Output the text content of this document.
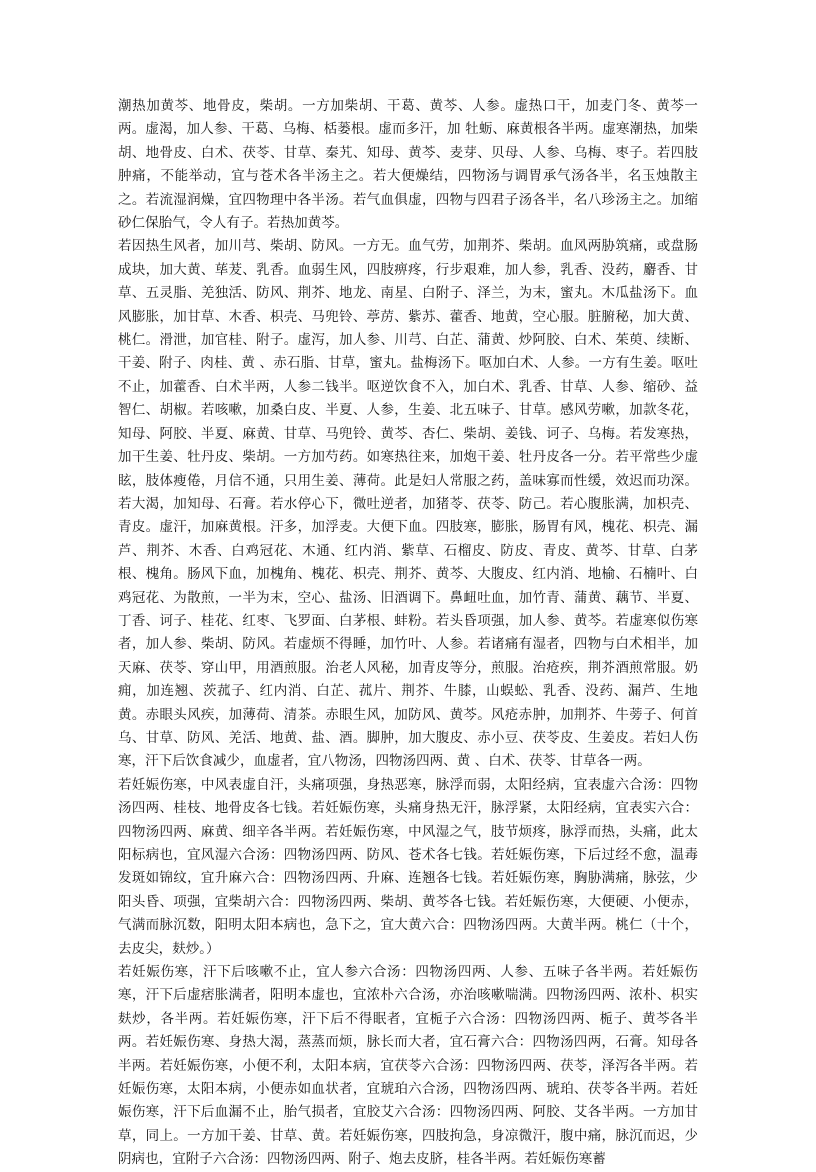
潮热加黄芩、地骨皮，柴胡。一方加柴胡、干葛、黄芩、人参。虚热口干，加麦门冬、黄芩一两。虚渴，加人参、干葛、乌梅、栝蒌根。虚而多汗，加 牡蛎、麻黄根各半两。虚寒潮热，加柴胡、地骨皮、白术、茯苓、甘草、秦艽、知母、黄芩、麦芽、贝母、人参、乌梅、枣子。若四肢肿痛，不能举动，宜与苍术各半汤主之。若大便燥结，四物汤与调胃承气汤各半，名玉烛散主之。若流湿润燥，宜四物理中各半汤。若气血俱虚，四物与四君子汤各半，名八珍汤主之。加缩砂仁保胎气，令人有子。若热加黄芩。

若因热生风者，加川芎、柴胡、防风。一方无。血气劳，加荆芥、柴胡。血风两胁筑痛，或盘肠成块，加大黄、荜茇、乳香。血弱生风，四肢痹疼，行步艰难，加人参，乳香、没药，麝香、甘草、五灵脂、羌独活、防风、荆芥、地龙、南星、白附子、泽兰，为末，蜜丸。木瓜盐汤下。血风膨胀，加甘草、木香、枳壳、马兜铃、葶苈、紫苏、藿香、地黄，空心服。脏腑秘，加大黄、桃仁。滑泄，加官桂、附子。虚泻，加人参、川芎、白芷、蒲黄、炒阿胶、白术、茱萸、续断、干姜、附子、肉桂、黄 、赤石脂、甘草，蜜丸。盐梅汤下。呕加白术、人参。一方有生姜。呕吐不止，加藿香、白术半两，人参二钱半。呕逆饮食不入，加白术、乳香、甘草、人参、缩砂、益智仁、胡椒。若咳嗽，加桑白皮、半夏、人参，生姜、北五味子、甘草。感风劳嗽，加款冬花，知母、阿胶、半夏、麻黄、甘草、马兜铃、黄芩、杏仁、柴胡、姜钱、诃子、乌梅。若发寒热，加干生姜、牡丹皮、柴胡。一方加芍药。如寒热往来，加炮干姜、牡丹皮各一分。若平常些少虚眩，肢体瘦倦，月信不通，只用生姜、薄荷。此是妇人常服之药，盖味寡而性缓，效迟而功深。若大渴，加知母、石膏。若水停心下，微吐逆者，加猪苓、茯苓、防己。若心腹胀满，加枳壳、青皮。虚汗，加麻黄根。汗多，加浮麦。大便下血。四肢寒，膨胀，肠胃有风，槐花、枳壳、漏芦、荆芥、木香、白鸡冠花、木通、红内消、紫草、石榴皮、防皮、青皮、黄芩、甘草、白茅根、槐角。肠风下血，加槐角、槐花、枳壳、荆芥、黄芩、大腹皮、红内消、地榆、石楠叶、白鸡冠花、为散煎，一半为末，空心、盐汤、旧酒调下。鼻衄吐血，加竹青、蒲黄、藕节、半夏、丁香、诃子、桂花、红枣、飞罗面、白茅根、蚌粉。若头昏项强，加人参、黄芩。若虚寒似伤寒者，加人参、柴胡、防风。若虚烦不得睡，加竹叶、人参。若诸痛有湿者，四物与白术相半，加天麻、茯苓、穿山甲，用酒煎服。治老人风秘，加青皮等分，煎服。治疮疾，荆芥酒煎常服。奶痈，加连翘、茨菰子、红内消、白芷、菰片、荆芥、牛膝，山蜈蚣、乳香、没药、漏芦、生地黄。赤眼头风疾，加薄荷、清茶。赤眼生风，加防风、黄芩。风疮赤肿，加荆芥、牛蒡子、何首乌、甘草、防风、羌活、地黄、盐、酒。脚肿，加大腹皮、赤小豆、茯苓皮、生姜皮。若妇人伤寒，汗下后饮食减少，血虚者，宜八物汤，四物汤四两、黄 、白术、茯苓、甘草各一两。

若妊娠伤寒，中风表虚自汗，头痛项强，身热恶寒，脉浮而弱，太阳经病，宜表虚六合汤：四物汤四两、桂枝、地骨皮各七钱。若妊娠伤寒，头痛身热无汗，脉浮紧，太阳经病，宜表实六合：四物汤四两、麻黄、细辛各半两。若妊娠伤寒，中风湿之气，肢节烦疼，脉浮而热，头痛，此太阳标病也，宜风湿六合汤：四物汤四两、防风、苍术各七钱。若妊娠伤寒，下后过经不愈，温毒发斑如锦纹，宜升麻六合：四物汤四两、升麻、连翘各七钱。若妊娠伤寒，胸胁满痛，脉弦，少阳头昏、项强，宜柴胡六合：四物汤四两、柴胡、黄芩各七钱。若妊娠伤寒，大便硬、小便赤，气满而脉沉数，阳明太阳本病也，急下之，宜大黄六合：四物汤四两。大黄半两。桃仁（十个，去皮尖，麸炒。）

若妊娠伤寒，汗下后咳嗽不止，宜人参六合汤：四物汤四两、人参、五味子各半两。若妊娠伤寒，汗下后虚痞胀满者，阳明本虚也，宜浓朴六合汤，亦治咳嗽喘满。四物汤四两、浓朴、枳实麸炒，各半两。若妊娠伤寒，汗下后不得眠者，宜栀子六合汤：四物汤四两、栀子、黄芩各半两。若妊娠伤寒、身热大渴，蒸蒸而烦，脉长而大者，宜石膏六合：四物汤四两，石膏。知母各半两。若妊娠伤寒，小便不利，太阳本病，宜茯苓六合汤：四物汤四两、茯苓，泽泻各半两。若妊娠伤寒，太阳本病，小便赤如血状者，宜琥珀六合汤，四物汤四两、琥珀、茯苓各半两。若妊娠伤寒，汗下后血漏不止，胎气损者，宜胶艾六合汤：四物汤四两、阿胶、艾各半两。一方加甘草，同上。一方加干姜、甘草、黄。若妊娠伤寒，四肢拘急，身凉微汗，腹中痛，脉沉而迟，少阴病也，宜附子六合汤：四物汤四两、附子、炮去皮脐，桂各半两。若妊娠伤寒蓄
